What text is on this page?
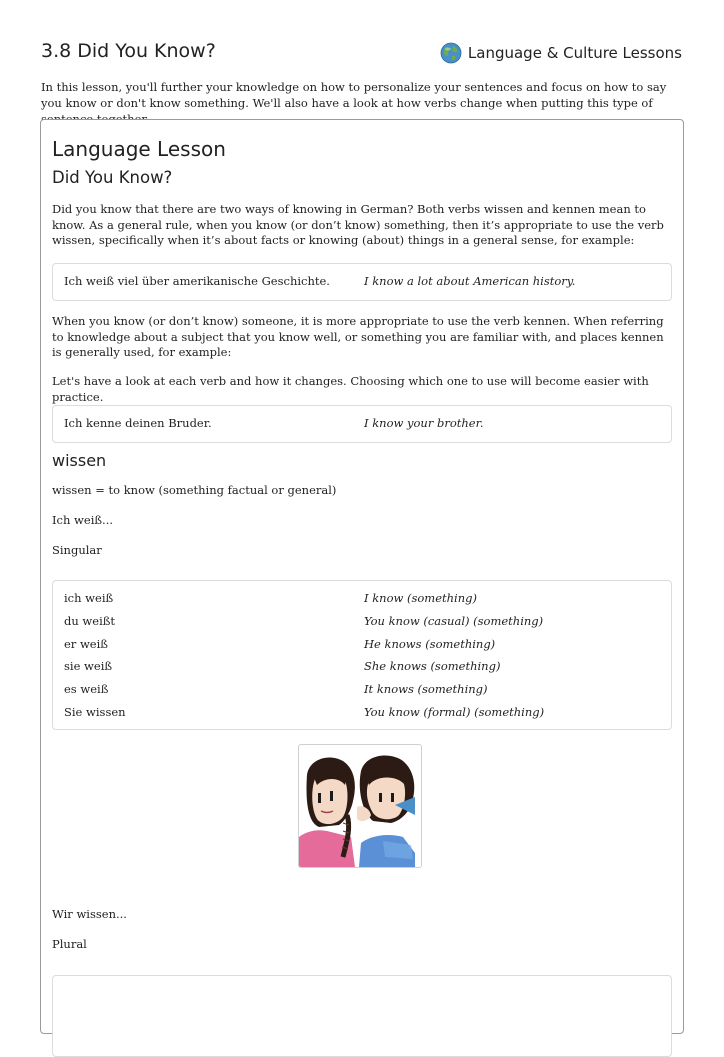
3.8 Did You Know?	Language & Culture Lessons
In this lesson, you'll further your knowledge on how to personalize your sentences and focus on how to say you know or don't know something. We'll also have a look at how verbs change when putting this type of
Language Lesson
Did You Know?
Did you know that there are two ways of knowing in German? Both verbs wissen and kennen mean to know. As a general rule, when you know (or don’t know) something, then it’s appropriate to use the verb wissen, specifically when it’s about facts or knowing (about) things in a general sense, for example:
Ich weiß viel über amerikanische Geschichte.	I know a lot about American history.
When you know (or don’t know) someone, it is more appropriate to use the verb kennen. When referring to knowledge about a subject that you know well, or something you are familiar with, and places kennen is generally used, for example:
Let's have a look at each verb and how it changes. Choosing which one to use will become easier with practice.
Ich kenne deinen Bruder.	I know your brother.
wissen
wissen = to know (something factual or general)
Ich weiß...
Singular
ich weiß	I know (something)
du weißt	You know (casual) (something)
er weiß	He knows (something)
sie weiß	She knows (something)
es weiß	It knows (something)
Sie wissen	You know (formal) (something)
Wir wissen...
Plural
